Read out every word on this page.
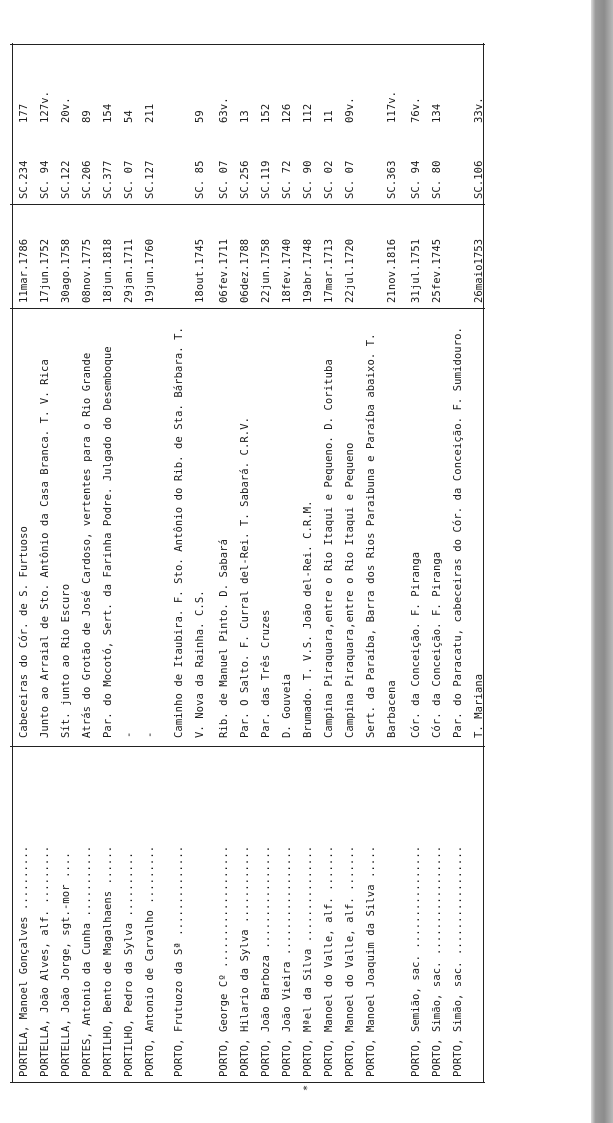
PORTELA, Manoel Gonçalves ..........
Cabeceiras do Cór. de S. Furtuoso
11mar.1786
SC.234
177
PORTELLA, João Alves, alf. .........
Junto ao Arraial de Sto. Antônio da Casa Branca. T. V. Rica
17jun.1752
SC. 94
127v.
PORTELLA, João Jorge, sgt.-mor ....
Sít. junto ao Rio Escuro
30ago.1758
SC.122
20v.
PORTES, Antonio da Cunha ...........
Atrás do Grotão de José Cardoso, vertentes para o Rio Grande
08nov.1775
SC.206
89
PORTILHO, Bento de Magalhaens ......
Par. do Mocotó, Sert. da Farinha Podre. Julgado do Desemboque
18jun.1818
SC.377
154
PORTILHO, Pedro da Sylva ..........
-
29jan.1711
SC. 07
54
PORTO, Antonio de Carvalho .........
-
19jun.1760
SC.127
211
PORTO, Frutuozo da Sª ..............
Caminho de Itaubira. F. Sto. Antônio do Rib. de Sta. Bárbara. T. V. Nova da Rainha. C.S.
18out.1745
SC. 85
59
PORTO, George Cº ...................
Rib. de Manuel Pinto. D. Sabará
06fev.1711
SC. 07
63v.
PORTO, Hilario da Sylva ............
Par. O Salto. F. Curral del-Rei. T. Sabará. C.R.V.
06dez.1788
SC.256
13
PORTO, João Barboza ................
Par. das Três Cruzes
22jun.1758
SC.119
152
PORTO, João Vieira .................
D. Gouveia
18fev.1740
SC. 72
126
PORTO, Mªel da Silva ...............
Brumado. T. V.S. João del-Rei. C.R.M.
19abr.1748
SC. 90
112
*
PORTO, Manoel do Valle, alf. .......
Campina Piraquara,entre o Rio Itaqui e Pequeno. D. Corituba
17mar.1713
SC. 02
11
PORTO, Manoel do Valle, alf. .......
Campina Piraquara,entre o Rio Itaqui e Pequeno
22jul.1720
SC. 07
09v.
PORTO, Manoel Joaquim da Silva .....
Sert. da Paraíba, Barra dos Rios Paraibuna e Paraíba abaixo. T. Barbacena
21nov.1816
SC.363
117v.
PORTO, Semião, sac. ................
Cór. da Conceição. F. Piranga
31jul.1751
SC. 94
76v.
PORTO, Simão, sac. .................
Cór. da Conceição. F. Piranga
25fev.1745
SC. 80
134
PORTO, Simão, sac. .................
Par. do Paracatu, cabeceiras do Cór. da Conceição. F. Sumidouro. T. Mariana
26maio1753
SC.106
33v.
